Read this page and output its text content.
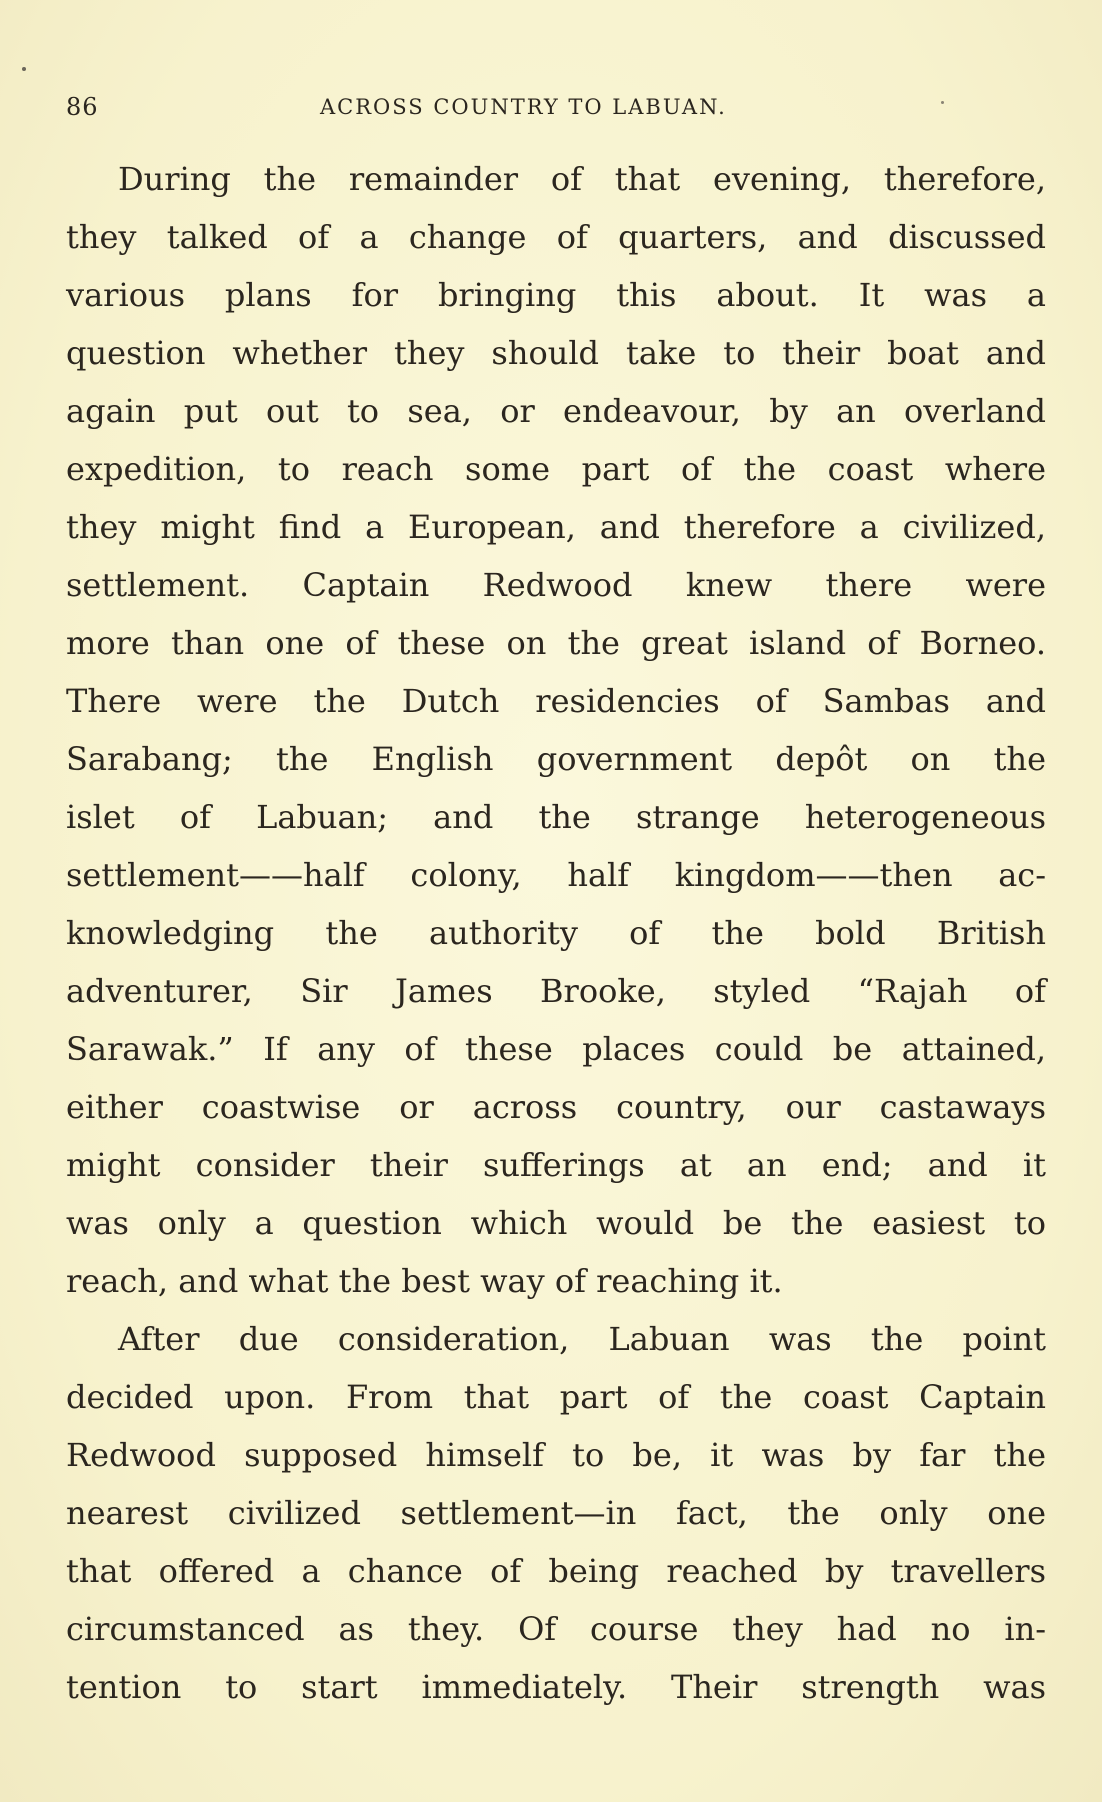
86	ACROSS COUNTRY TO LABUAN.
During the remainder of that evening, therefore,
they talked of a change of quarters, and discussed
various plans for bringing this about. It was a
question whether they should take to their boat and
again put out to sea, or endeavour, by an overland
expedition, to reach some part of the coast where
they might find a European, and therefore a civilized,
settlement. Captain Redwood knew there were
more than one of these on the great island of Borneo.
There were the Dutch residencies of Sambas and
Sarabang; the English government depôt on the
islet of Labuan; and the strange heterogeneous
settlement——half colony, half kingdom——then ac-
knowledging the authority of the bold British
adventurer, Sir James Brooke, styled “Rajah of
Sarawak.” If any of these places could be attained,
either coastwise or across country, our castaways
might consider their sufferings at an end; and it
was only a question which would be the easiest to
reach, and what the best way of reaching it.
After due consideration, Labuan was the point
decided upon. From that part of the coast Captain
Redwood supposed himself to be, it was by far the
nearest civilized settlement—in fact, the only one
that offered a chance of being reached by travellers
circumstanced as they. Of course they had no in-
tention to start immediately. Their strength was
